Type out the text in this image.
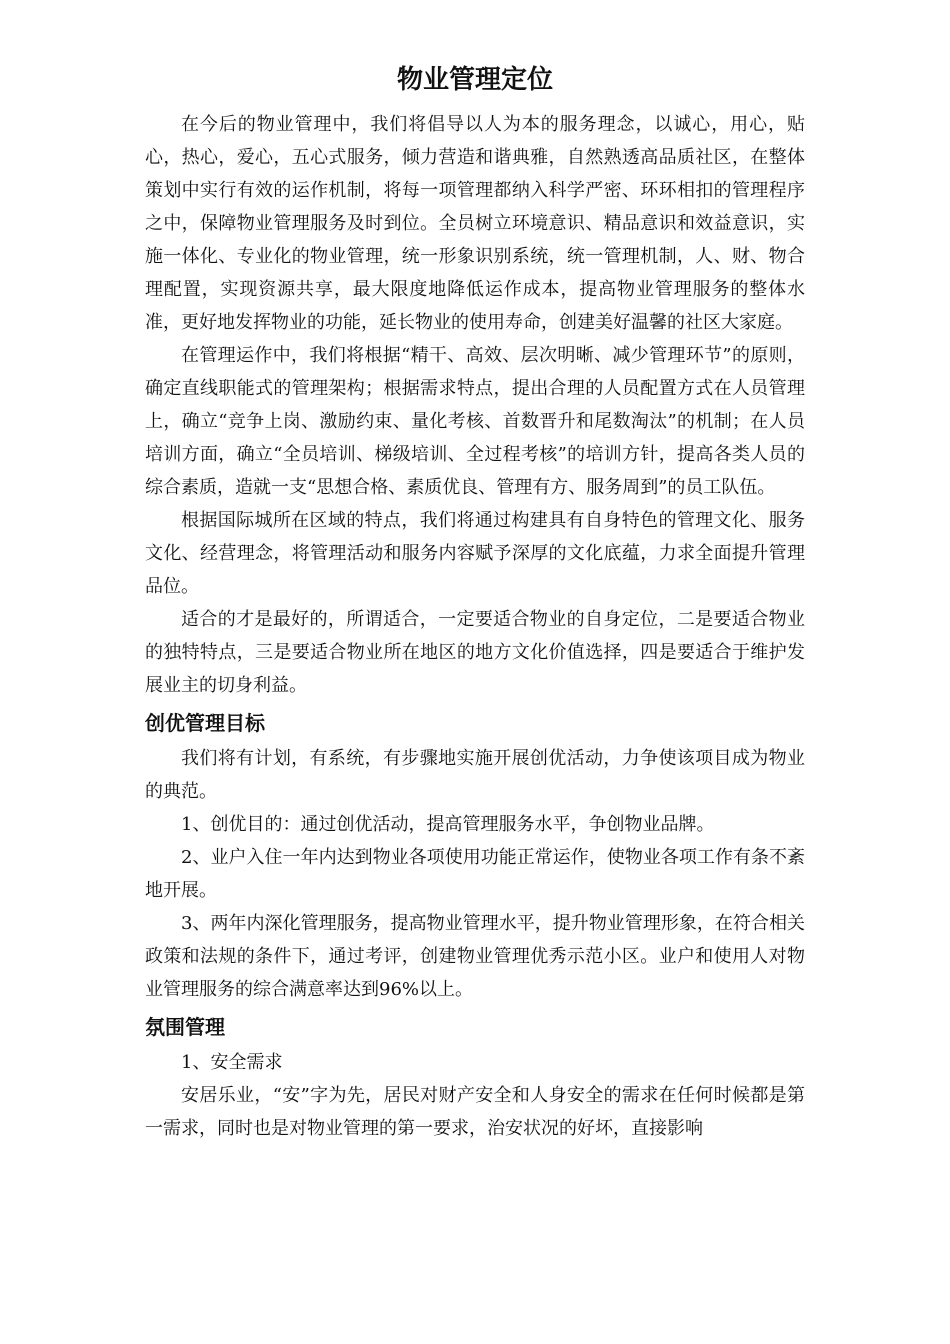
物业管理定位

在今后的物业管理中，我们将倡导以人为本的服务理念，以诚心，用心，贴心，热心，爱心，五心式服务，倾力营造和谐典雅，自然熟透高品质社区，在整体策划中实行有效的运作机制，将每一项管理都纳入科学严密、环环相扣的管理程序之中，保障物业管理服务及时到位。全员树立环境意识、精品意识和效益意识，实施一体化、专业化的物业管理，统一形象识别系统，统一管理机制，人、财、物合理配置，实现资源共享，最大限度地降低运作成本，提高物业管理服务的整体水准，更好地发挥物业的功能，延长物业的使用寿命，创建美好温馨的社区大家庭。

在管理运作中，我们将根据“精干、高效、层次明晰、减少管理环节”的原则，确定直线职能式的管理架构；根据需求特点，提出合理的人员配置方式在人员管理上，确立“竞争上岗、激励约束、量化考核、首数晋升和尾数淘汰”的机制；在人员培训方面，确立“全员培训、梯级培训、全过程考核”的培训方针，提高各类人员的综合素质，造就一支“思想合格、素质优良、管理有方、服务周到”的员工队伍。

根据国际城所在区域的特点，我们将通过构建具有自身特色的管理文化、服务文化、经营理念，将管理活动和服务内容赋予深厚的文化底蕴，力求全面提升管理品位。

适合的才是最好的，所谓适合，一定要适合物业的自身定位，二是要适合物业的独特特点，三是要适合物业所在地区的地方文化价值选择，四是要适合于维护发展业主的切身利益。

创优管理目标

我们将有计划，有系统，有步骤地实施开展创优活动，力争使该项目成为物业的典范。

1、创优目的：通过创优活动，提高管理服务水平，争创物业品牌。

2、业户入住一年内达到物业各项使用功能正常运作，使物业各项工作有条不紊地开展。

3、两年内深化管理服务，提高物业管理水平，提升物业管理形象，在符合相关政策和法规的条件下，通过考评，创建物业管理优秀示范小区。业户和使用人对物业管理服务的综合满意率达到96%以上。

氛围管理

1、安全需求

安居乐业，“安”字为先，居民对财产安全和人身安全的需求在任何时候都是第一需求，同时也是对物业管理的第一要求，治安状况的好坏，直接影响
